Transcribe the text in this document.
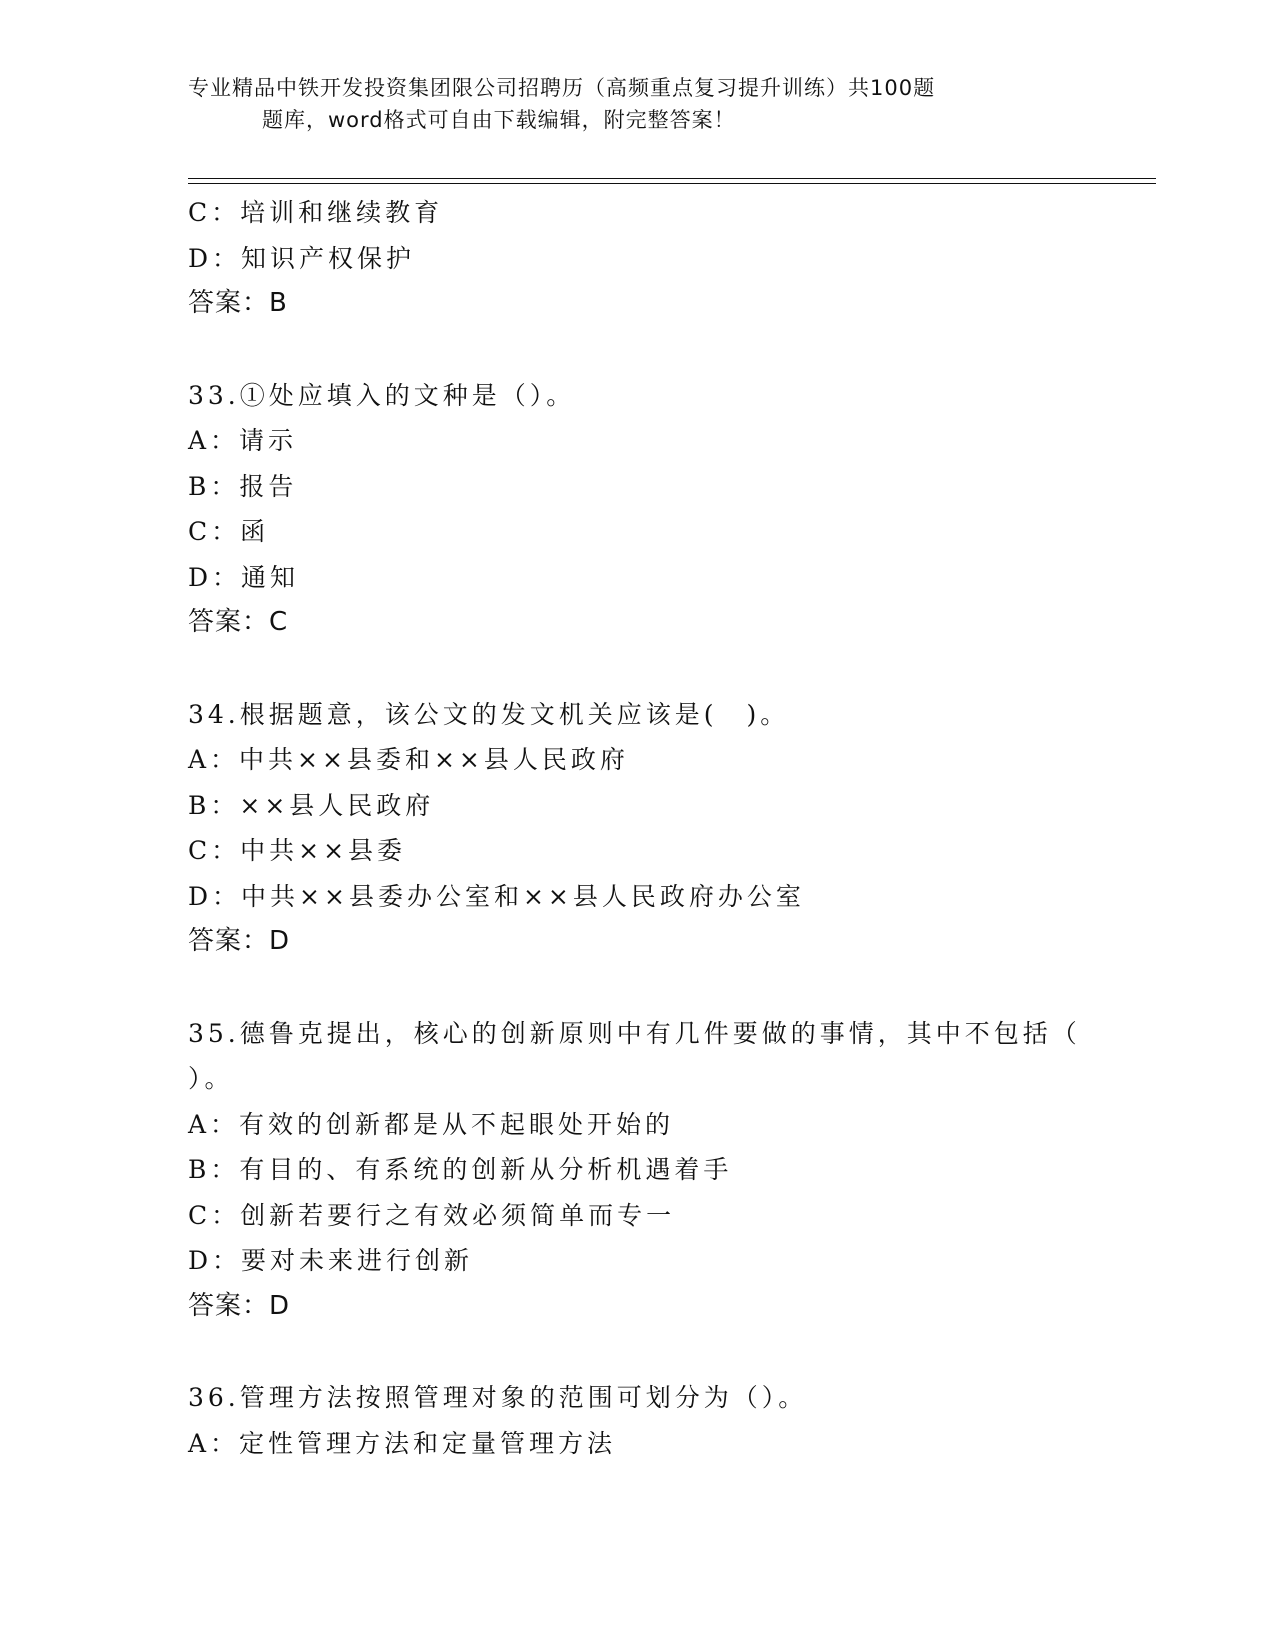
专业精品中铁开发投资集团限公司招聘历（高频重点复习提升训练）共100题
题库，word格式可自由下载编辑，附完整答案！
C：培训和继续教育
D：知识产权保护
答案：B
33.①处应填入的文种是（）。
A：请示
B：报告
C：函
D：通知
答案：C
34.根据题意，该公文的发文机关应该是(　)。
A：中共××县委和××县人民政府
B：××县人民政府
C：中共××县委
D：中共××县委办公室和××县人民政府办公室
答案：D
35.德鲁克提出，核心的创新原则中有几件要做的事情，其中不包括（
）。
A：有效的创新都是从不起眼处开始的
B：有目的、有系统的创新从分析机遇着手
C：创新若要行之有效必须简单而专一
D：要对未来进行创新
答案：D
36.管理方法按照管理对象的范围可划分为（）。
A：定性管理方法和定量管理方法
